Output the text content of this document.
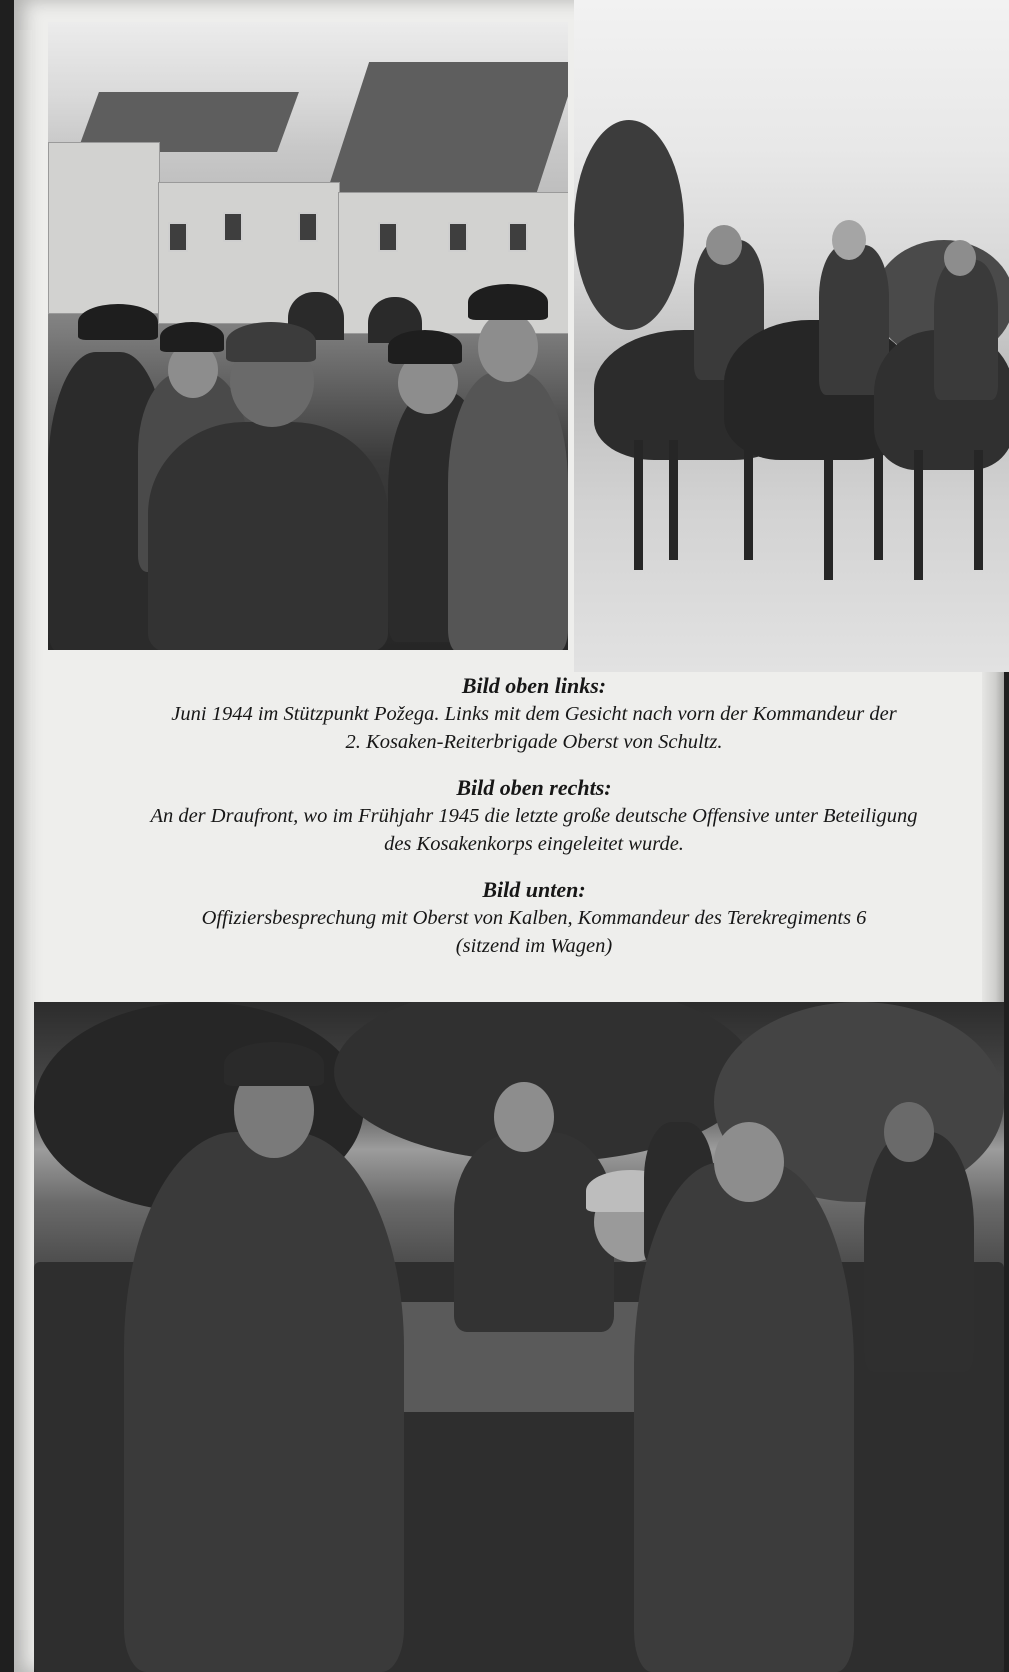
Bild oben links:

Juni 1944 im Stützpunkt Požega. Links mit dem Gesicht nach vorn der Kommandeur der

2. Kosaken-Reiterbrigade Oberst von Schultz.

Bild oben rechts:

An der Draufront, wo im Frühjahr 1945 die letzte große deutsche Offensive unter Beteiligung

des Kosakenkorps eingeleitet wurde.

Bild unten:

Offiziersbesprechung mit Oberst von Kalben, Kommandeur des Terekregiments 6

(sitzend im Wagen)
